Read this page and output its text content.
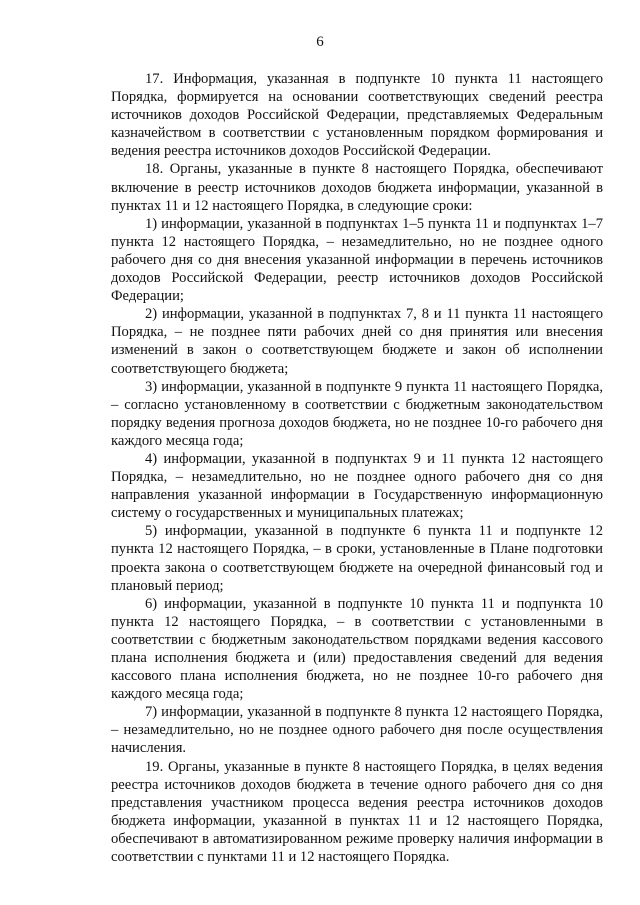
6

17. Информация, указанная в подпункте 10 пункта 11 настоящего Порядка, формируется на основании соответствующих сведений реестра источников доходов Российской Федерации, представляемых Федеральным казначейством в соответствии с установленным порядком формирования и ведения реестра источников доходов Российской Федерации.

18. Органы, указанные в пункте 8 настоящего Порядка, обеспечивают включение в реестр источников доходов бюджета информации, указанной в пунктах 11 и 12 настоящего Порядка, в следующие сроки:

1) информации, указанной в подпунктах 1–5 пункта 11 и подпунктах 1–7 пункта 12 настоящего Порядка, – незамедлительно, но не позднее одного рабочего дня со дня внесения указанной информации в перечень источников доходов Российской Федерации, реестр источников доходов Российской Федерации;

2) информации, указанной в подпунктах 7, 8 и 11 пункта 11 настоящего Порядка, – не позднее пяти рабочих дней со дня принятия или внесения изменений в закон о соответствующем бюджете и закон об исполнении соответствующего бюджета;

3) информации, указанной в подпункте 9 пункта 11 настоящего Порядка, – согласно установленному в соответствии с бюджетным законодательством порядку ведения прогноза доходов бюджета, но не позднее 10-го рабочего дня каждого месяца года;

4) информации, указанной в подпунктах 9 и 11 пункта 12 настоящего Порядка, – незамедлительно, но не позднее одного рабочего дня со дня направления указанной информации в Государственную информационную систему о государственных и муниципальных платежах;

5) информации, указанной в подпункте 6 пункта 11 и подпункте 12 пункта 12 настоящего Порядка, – в сроки, установленные в Плане подготовки проекта закона о соответствующем бюджете на очередной финансовый год и плановый период;

6) информации, указанной в подпункте 10 пункта 11 и подпункта 10 пункта 12 настоящего Порядка, – в соответствии с установленными в соответствии с бюджетным законодательством порядками ведения кассового плана исполнения бюджета и (или) предоставления сведений для ведения кассового плана исполнения бюджета, но не позднее 10-го рабочего дня каждого месяца года;

7) информации, указанной в подпункте 8 пункта 12 настоящего Порядка, – незамедлительно, но не позднее одного рабочего дня после осуществления начисления.

19. Органы, указанные в пункте 8 настоящего Порядка, в целях ведения реестра источников доходов бюджета в течение одного рабочего дня со дня представления участником процесса ведения реестра источников доходов бюджета информации, указанной в пунктах 11 и 12 настоящего Порядка, обеспечивают в автоматизированном режиме проверку наличия информации в соответствии с пунктами 11 и 12 настоящего Порядка.
